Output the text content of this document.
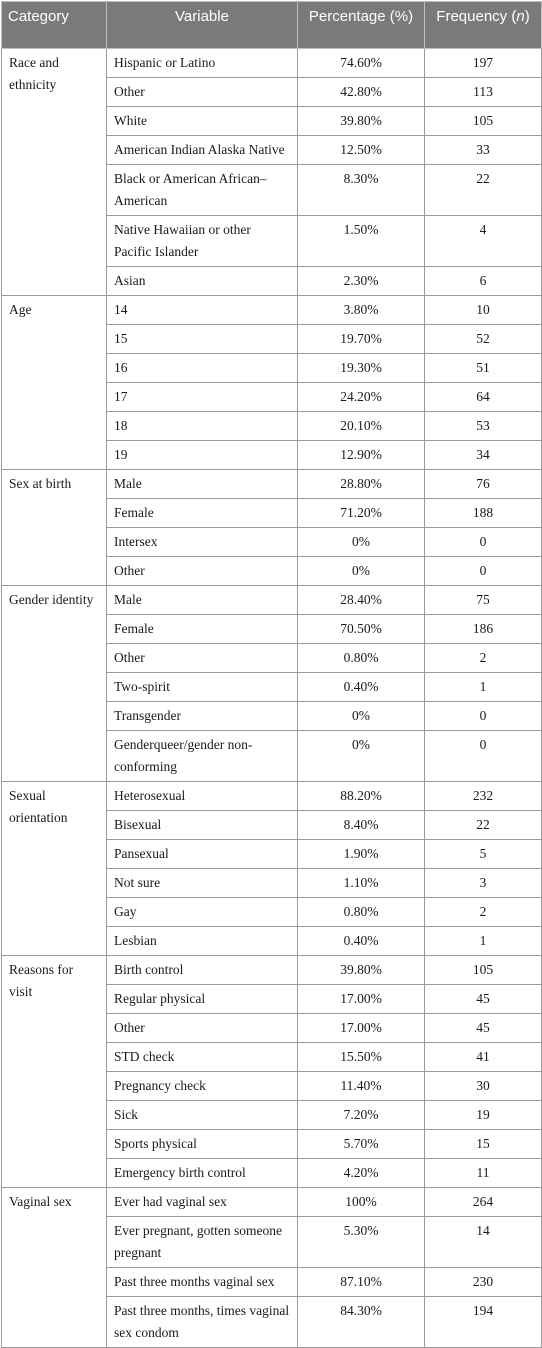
Category	Variable	Percentage (%)	Frequency (n)
Race and ethnicity	Hispanic or Latino	74.60%	197
	Other	42.80%	113
	White	39.80%	105
	American Indian Alaska Native	12.50%	33
	Black or American African–American	8.30%	22
	Native Hawaiian or other Pacific Islander	1.50%	4
	Asian	2.30%	6
Age	14	3.80%	10
	15	19.70%	52
	16	19.30%	51
	17	24.20%	64
	18	20.10%	53
	19	12.90%	34
Sex at birth	Male	28.80%	76
	Female	71.20%	188
	Intersex	0%	0
	Other	0%	0
Gender identity	Male	28.40%	75
	Female	70.50%	186
	Other	0.80%	2
	Two-spirit	0.40%	1
	Transgender	0%	0
	Genderqueer/gender non-conforming	0%	0
Sexual orientation	Heterosexual	88.20%	232
	Bisexual	8.40%	22
	Pansexual	1.90%	5
	Not sure	1.10%	3
	Gay	0.80%	2
	Lesbian	0.40%	1
Reasons for visit	Birth control	39.80%	105
	Regular physical	17.00%	45
	Other	17.00%	45
	STD check	15.50%	41
	Pregnancy check	11.40%	30
	Sick	7.20%	19
	Sports physical	5.70%	15
	Emergency birth control	4.20%	11
Vaginal sex	Ever had vaginal sex	100%	264
	Ever pregnant, gotten someone pregnant	5.30%	14
	Past three months vaginal sex	87.10%	230
	Past three months, times vaginal sex condom	84.30%	194
